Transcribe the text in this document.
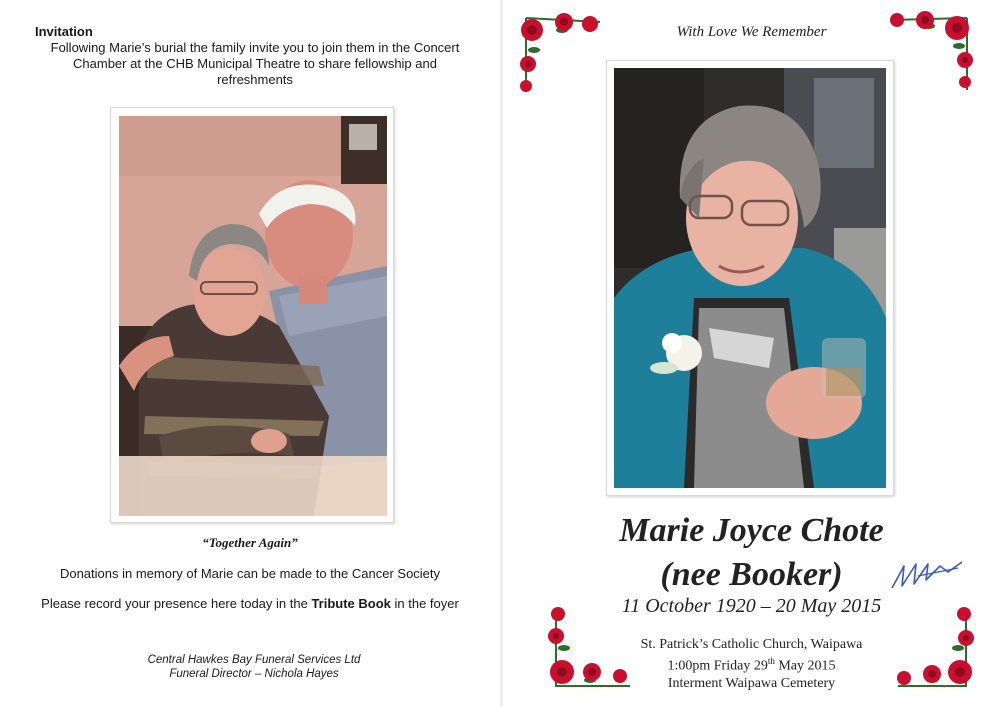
Invitation
Following Marie’s burial the family invite you to join them in the Concert Chamber at the CHB Municipal Theatre to share fellowship and refreshments
“Together Again”
Donations in memory of Marie can be made to the Cancer Society
Please record your presence here today in the Tribute Book in the foyer
Central Hawkes Bay Funeral Services Ltd
Funeral Director – Nichola Hayes
With Love We Remember
Marie Joyce Chote
(nee Booker)
11 October 1920 – 20 May 2015
St. Patrick’s Catholic Church, Waipawa
1:00pm Friday 29th May 2015
Interment Waipawa Cemetery
